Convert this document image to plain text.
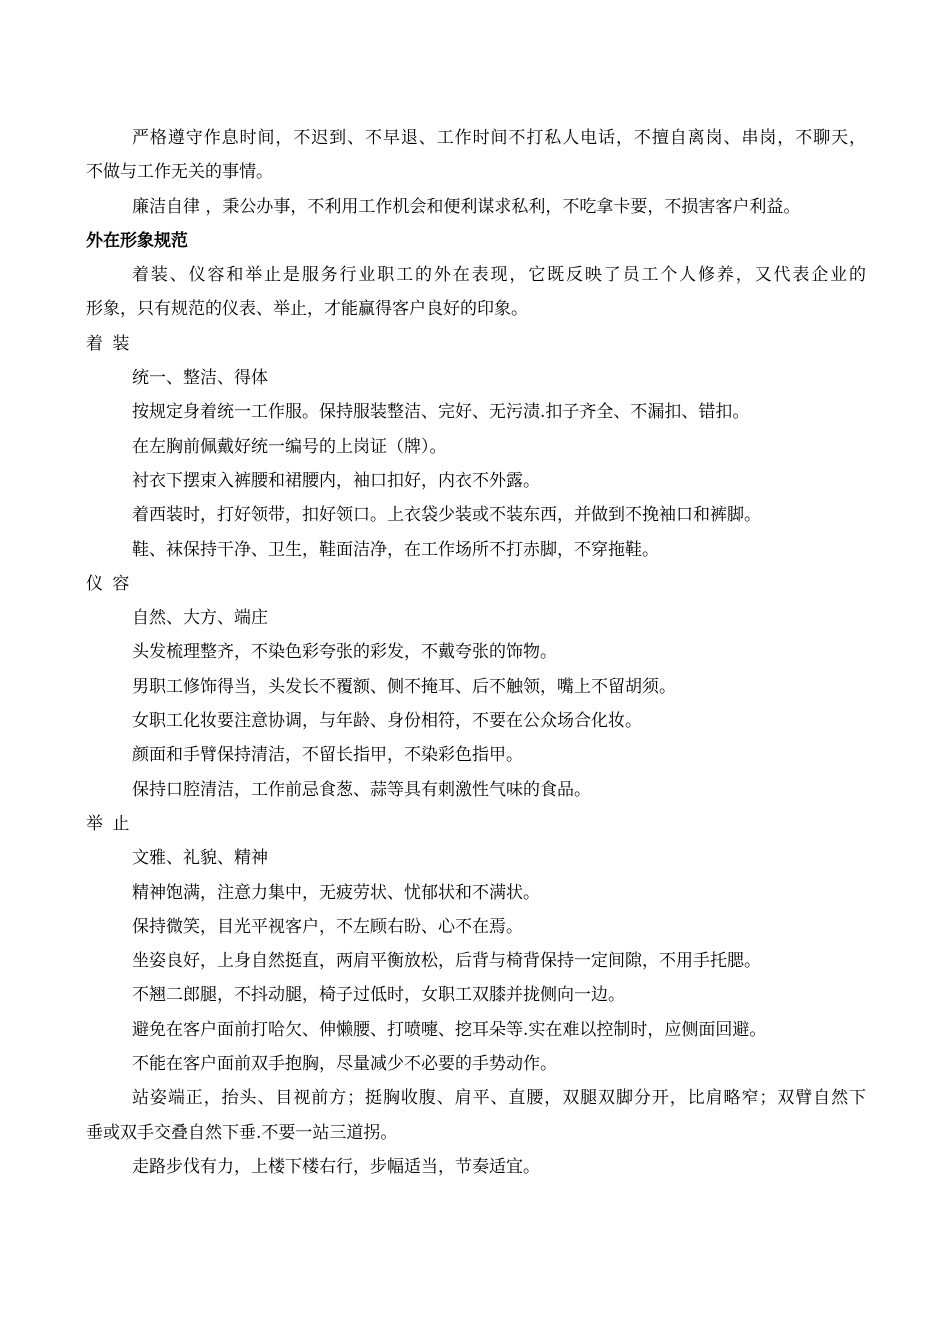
严格遵守作息时间，不迟到、不早退、工作时间不打私人电话，不擅自离岗、串岗，不聊天，
不做与工作无关的事情。
廉洁自律 ，秉公办事，不利用工作机会和便利谋求私利，不吃拿卡要，不损害客户利益。
外在形象规范
着装、仪容和举止是服务行业职工的外在表现，它既反映了员工个人修养，又代表企业的
形象，只有规范的仪表、举止，才能赢得客户良好的印象。
着 装
统一、整洁、得体
按规定身着统一工作服。保持服装整洁、完好、无污渍.扣子齐全、不漏扣、错扣。
在左胸前佩戴好统一编号的上岗证（牌）。
衬衣下摆束入裤腰和裙腰内，袖口扣好，内衣不外露。
着西装时，打好领带，扣好领口。上衣袋少装或不装东西，并做到不挽袖口和裤脚。
鞋、袜保持干净、卫生，鞋面洁净，在工作场所不打赤脚，不穿拖鞋。
仪 容
自然、大方、端庄
头发梳理整齐，不染色彩夸张的彩发，不戴夸张的饰物。
男职工修饰得当，头发长不覆额、侧不掩耳、后不触领，嘴上不留胡须。
女职工化妆要注意协调，与年龄、身份相符，不要在公众场合化妆。
颜面和手臂保持清洁，不留长指甲，不染彩色指甲。
保持口腔清洁，工作前忌食葱、蒜等具有刺激性气味的食品。
举 止
文雅、礼貌、精神
精神饱满，注意力集中，无疲劳状、忧郁状和不满状。
保持微笑，目光平视客户，不左顾右盼、心不在焉。
坐姿良好，上身自然挺直，两肩平衡放松，后背与椅背保持一定间隙，不用手托腮。
不翘二郎腿，不抖动腿，椅子过低时，女职工双膝并拢侧向一边。
避免在客户面前打哈欠、伸懒腰、打喷嚏、挖耳朵等.实在难以控制时，应侧面回避。
不能在客户面前双手抱胸，尽量减少不必要的手势动作。
站姿端正，抬头、目视前方；挺胸收腹、肩平、直腰，双腿双脚分开，比肩略窄；双臂自然下
垂或双手交叠自然下垂.不要一站三道拐。
走路步伐有力，上楼下楼右行，步幅适当，节奏适宜。
